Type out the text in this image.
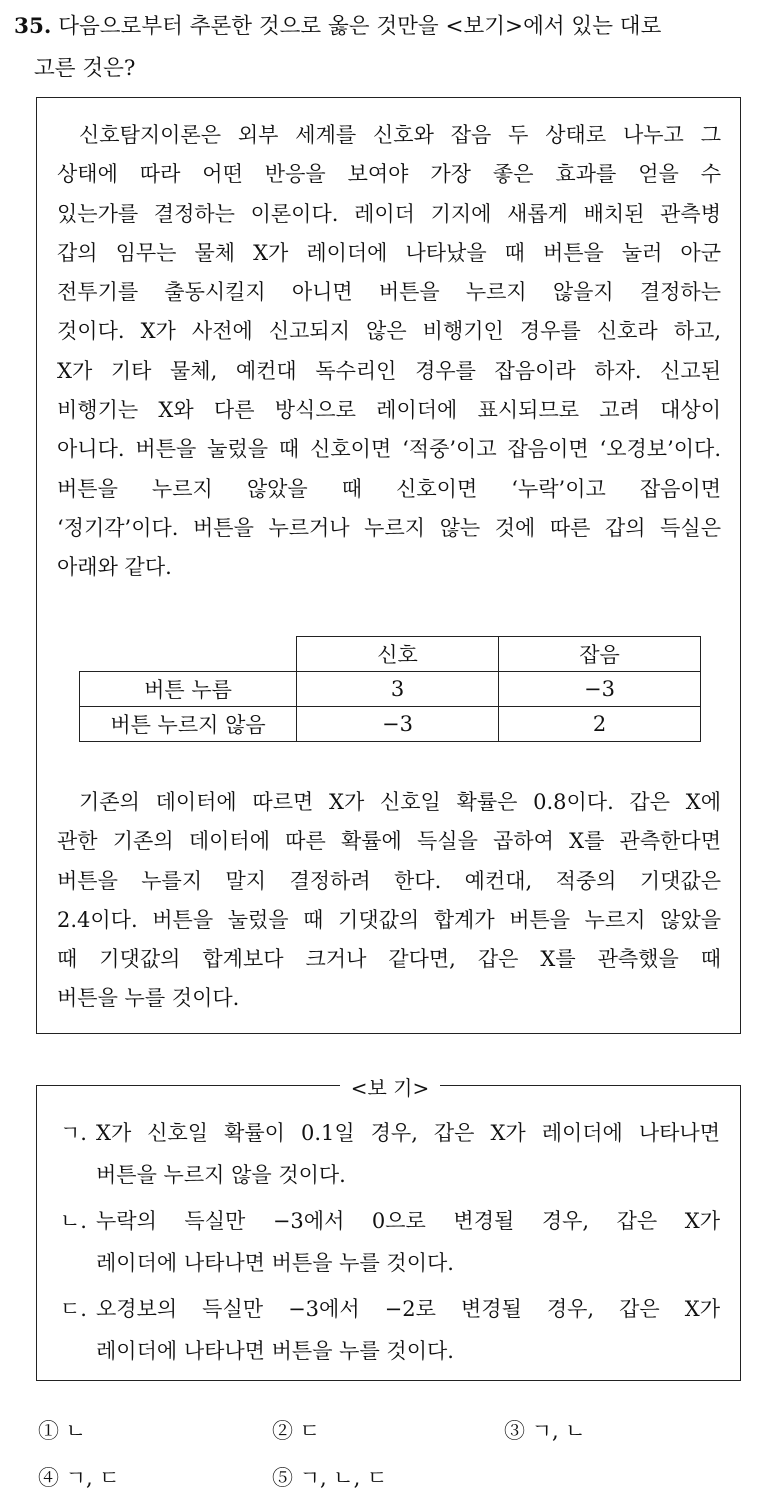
35. 다음으로부터 추론한 것으로 옳은 것만을 <보기>에서 있는 대로
고른 것은?
신호탐지이론은 외부 세계를 신호와 잡음 두 상태로 나누고 그
상태에 따라 어떤 반응을 보여야 가장 좋은 효과를 얻을 수
있는가를 결정하는 이론이다. 레이더 기지에 새롭게 배치된 관측병
갑의 임무는 물체 X가 레이더에 나타났을 때 버튼을 눌러 아군
전투기를 출동시킬지 아니면 버튼을 누르지 않을지 결정하는
것이다. X가 사전에 신고되지 않은 비행기인 경우를 신호라 하고,
X가 기타 물체, 예컨대 독수리인 경우를 잡음이라 하자. 신고된
비행기는 X와 다른 방식으로 레이더에 표시되므로 고려 대상이
아니다. 버튼을 눌렀을 때 신호이면 ‘적중’이고 잡음이면 ‘오경보’이다.
버튼을 누르지 않았을 때 신호이면 ‘누락’이고 잡음이면
‘정기각’이다. 버튼을 누르거나 누르지 않는 것에 따른 갑의 득실은
아래와 같다.
	신호	잡음
버튼 누름	3	−3
버튼 누르지 않음	−3	2
기존의 데이터에 따르면 X가 신호일 확률은 0.8이다. 갑은 X에
관한 기존의 데이터에 따른 확률에 득실을 곱하여 X를 관측한다면
버튼을 누를지 말지 결정하려 한다. 예컨대, 적중의 기댓값은
2.4이다. 버튼을 눌렀을 때 기댓값의 합계가 버튼을 누르지 않았을
때 기댓값의 합계보다 크거나 같다면, 갑은 X를 관측했을 때
버튼을 누를 것이다.
<보 기>
ㄱ. X가 신호일 확률이 0.1일 경우, 갑은 X가 레이더에 나타나면
버튼을 누르지 않을 것이다.
ㄴ. 누락의 득실만 −3에서 0으로 변경될 경우, 갑은 X가
레이더에 나타나면 버튼을 누를 것이다.
ㄷ. 오경보의 득실만 −3에서 −2로 변경될 경우, 갑은 X가
레이더에 나타나면 버튼을 누를 것이다.
① ㄴ	② ㄷ	③ ㄱ, ㄴ
④ ㄱ, ㄷ	⑤ ㄱ, ㄴ, ㄷ
